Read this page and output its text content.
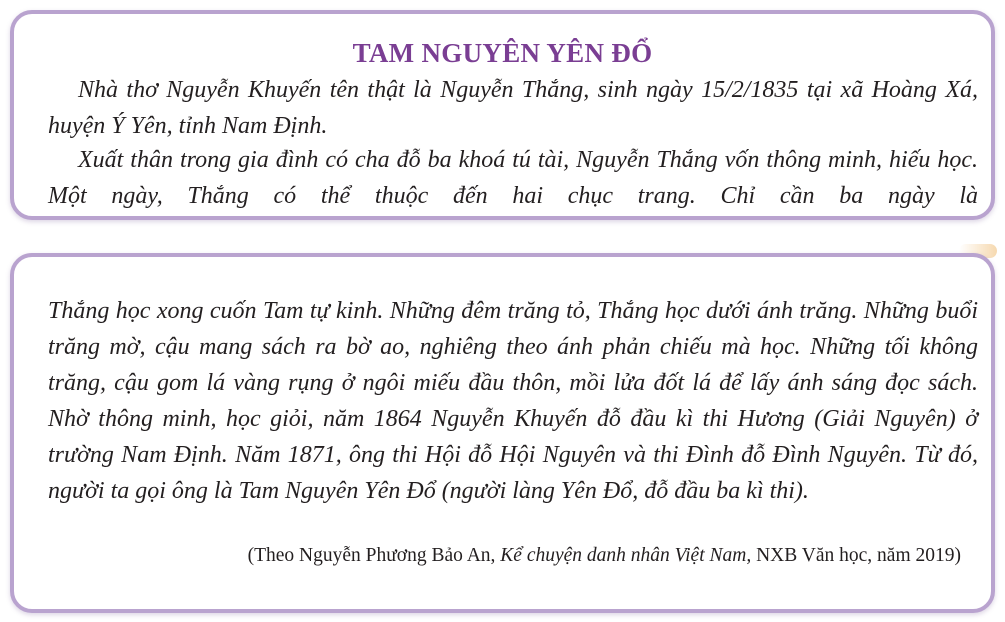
TAM NGUYÊN YÊN ĐỔ

Nhà thơ Nguyễn Khuyến tên thật là Nguyễn Thắng, sinh ngày 15/2/1835 tại xã Hoàng Xá, huyện Ý Yên, tỉnh Nam Định.

Xuất thân trong gia đình có cha đỗ ba khoá tú tài, Nguyễn Thắng vốn thông minh, hiếu học. Một ngày, Thắng có thể thuộc đến hai chục trang. Chỉ cần ba ngày là

Thắng học xong cuốn Tam tự kinh. Những đêm trăng tỏ, Thắng học dưới ánh trăng. Những buổi trăng mờ, cậu mang sách ra bờ ao, nghiêng theo ánh phản chiếu mà học. Những tối không trăng, cậu gom lá vàng rụng ở ngôi miếu đầu thôn, mồi lửa đốt lá để lấy ánh sáng đọc sách. Nhờ thông minh, học giỏi, năm 1864 Nguyễn Khuyến đỗ đầu kì thi Hương (Giải Nguyên) ở trường Nam Định. Năm 1871, ông thi Hội đỗ Hội Nguyên và thi Đình đỗ Đình Nguyên. Từ đó, người ta gọi ông là Tam Nguyên Yên Đổ (người làng Yên Đổ, đỗ đầu ba kì thi).

(Theo Nguyễn Phương Bảo An, Kể chuyện danh nhân Việt Nam, NXB Văn học, năm 2019)
